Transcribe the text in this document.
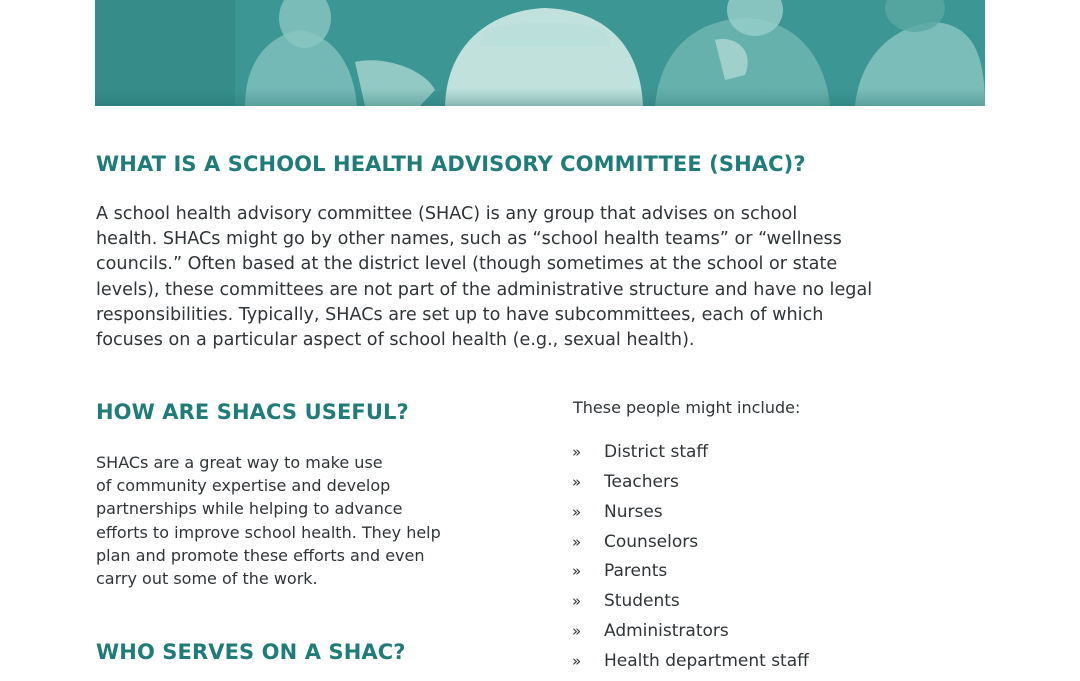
WHAT IS A SCHOOL HEALTH ADVISORY COMMITTEE (SHAC)?

A school health advisory committee (SHAC) is any group that advises on school
health. SHACs might go by other names, such as “school health teams” or “wellness
councils.” Often based at the district level (though sometimes at the school or state
levels), these committees are not part of the administrative structure and have no legal
responsibilities. Typically, SHACs are set up to have subcommittees, each of which
focuses on a particular aspect of school health (e.g., sexual health).

HOW ARE SHACS USEFUL?

SHACs are a great way to make use
of community expertise and develop
partnerships while helping to advance
efforts to improve school health. They help
plan and promote these efforts and even
carry out some of the work.

WHO SERVES ON A SHAC?

These people might include:

» District staff
» Teachers
» Nurses
» Counselors
» Parents
» Students
» Administrators
» Health department staff
